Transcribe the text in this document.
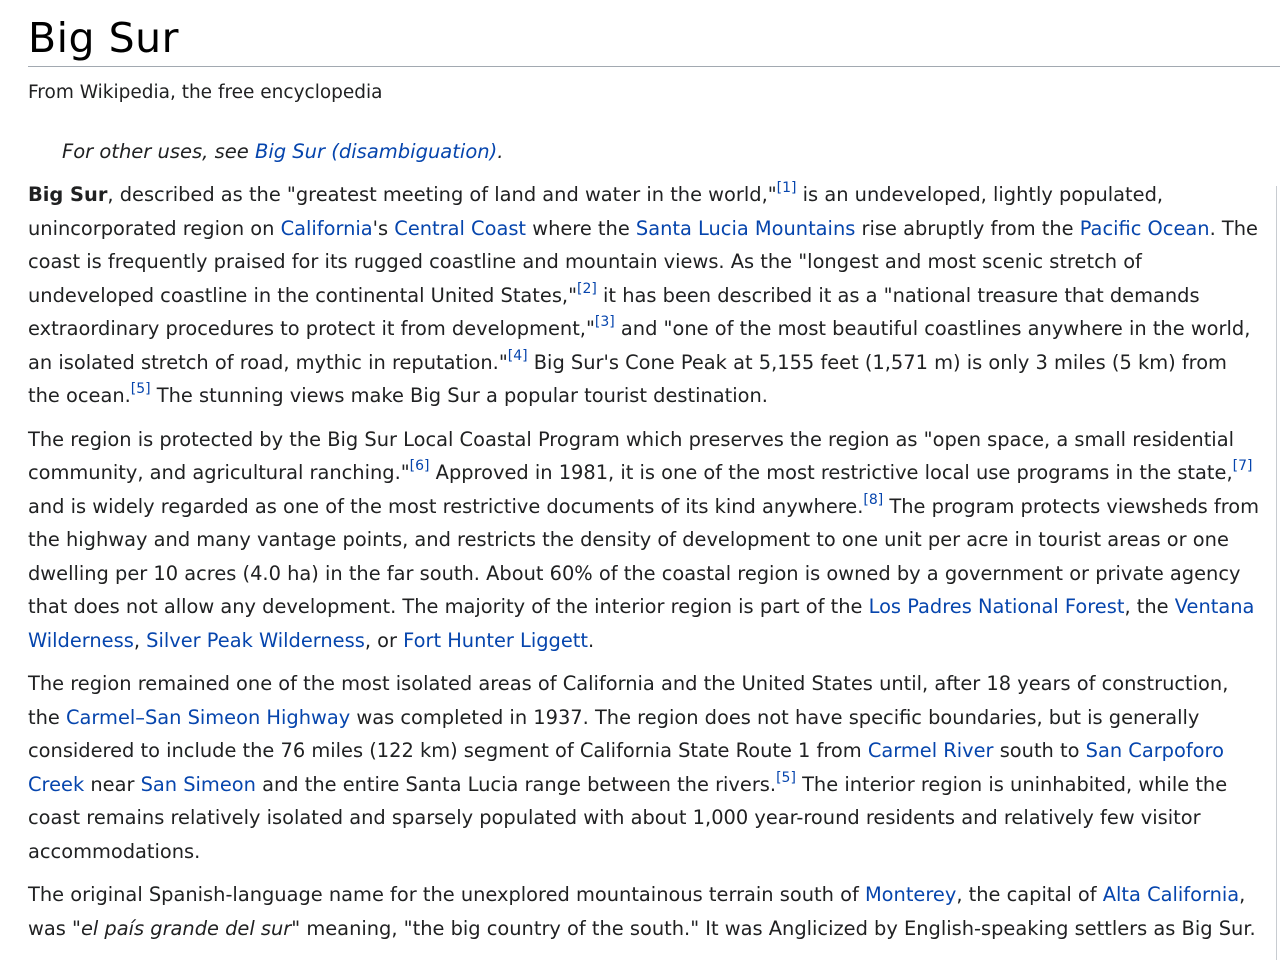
Big Sur
From Wikipedia, the free encyclopedia
For other uses, see Big Sur (disambiguation).

Big Sur, described as the "greatest meeting of land and water in the world,"[1] is an undeveloped, lightly populated, unincorporated region on California's Central Coast where the Santa Lucia Mountains rise abruptly from the Pacific Ocean. The coast is frequently praised for its rugged coastline and mountain views. As the "longest and most scenic stretch of undeveloped coastline in the continental United States,"[2] it has been described it as a "national treasure that demands extraordinary procedures to protect it from development,"[3] and "one of the most beautiful coastlines anywhere in the world, an isolated stretch of road, mythic in reputation."[4] Big Sur's Cone Peak at 5,155 feet (1,571 m) is only 3 miles (5 km) from the ocean.[5] The stunning views make Big Sur a popular tourist destination.

The region is protected by the Big Sur Local Coastal Program which preserves the region as "open space, a small residential community, and agricultural ranching."[6] Approved in 1981, it is one of the most restrictive local use programs in the state,[7] and is widely regarded as one of the most restrictive documents of its kind anywhere.[8] The program protects viewsheds from the highway and many vantage points, and restricts the density of development to one unit per acre in tourist areas or one dwelling per 10 acres (4.0 ha) in the far south. About 60% of the coastal region is owned by a government or private agency that does not allow any development. The majority of the interior region is part of the Los Padres National Forest, the Ventana Wilderness, Silver Peak Wilderness, or Fort Hunter Liggett.

The region remained one of the most isolated areas of California and the United States until, after 18 years of construction, the Carmel–San Simeon Highway was completed in 1937. The region does not have specific boundaries, but is generally considered to include the 76 miles (122 km) segment of California State Route 1 from Carmel River south to San Carpoforo Creek near San Simeon and the entire Santa Lucia range between the rivers.[5] The interior region is uninhabited, while the coast remains relatively isolated and sparsely populated with about 1,000 year-round residents and relatively few visitor accommodations.

The original Spanish-language name for the unexplored mountainous terrain south of Monterey, the capital of Alta California, was "el país grande del sur" meaning, "the big country of the south." It was Anglicized by English-speaking settlers as Big Sur.
